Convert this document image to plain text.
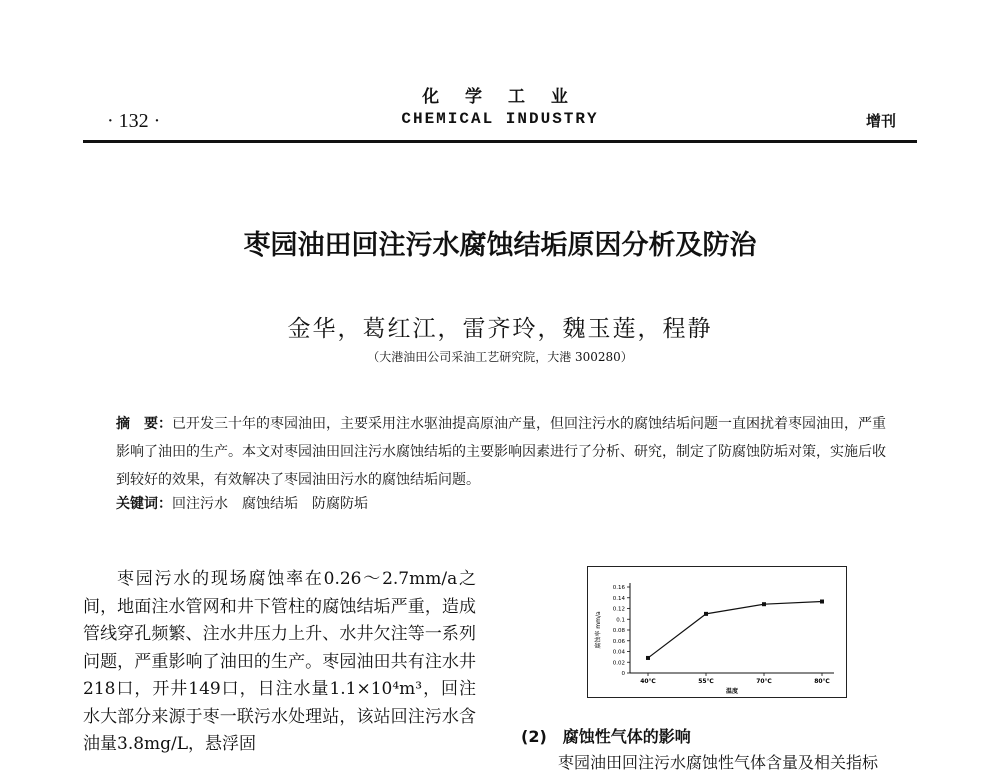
化 学 工 业
· 132 ·	CHEMICAL INDUSTRY	增刊
枣园油田回注污水腐蚀结垢原因分析及防治
金华，葛红江，雷齐玲，魏玉莲，程静
（大港油田公司采油工艺研究院，大港 300280）
摘　要：已开发三十年的枣园油田，主要采用注水驱油提高原油产量，但回注污水的腐蚀结垢问题一直困扰着枣园油田，严重影响了油田的生产。本文对枣园油田回注污水腐蚀结垢的主要影响因素进行了分析、研究，制定了防腐蚀防垢对策，实施后收到较好的效果，有效解决了枣园油田污水的腐蚀结垢问题。
关键词：回注污水　腐蚀结垢　防腐防垢
枣园污水的现场腐蚀率在0.26～2.7mm/a之间，地面注水管网和井下管柱的腐蚀结垢严重，造成管线穿孔频繁、注水井压力上升、水井欠注等一系列问题，严重影响了油田的生产。枣园油田共有注水井218口，开井149口，日注水量1.1×10⁴m³，回注水大部分来源于枣一联污水处理站，该站回注污水含油量3.8mg/L，悬浮固
0
0.02
0.04
0.06
0.08
0.1
0.12
0.14
0.16
腐蚀率 mm/a
40℃	55℃	70℃	80℃
温度
(2)　腐蚀性气体的影响
枣园油田回注污水腐蚀性气体含量及相关指标
